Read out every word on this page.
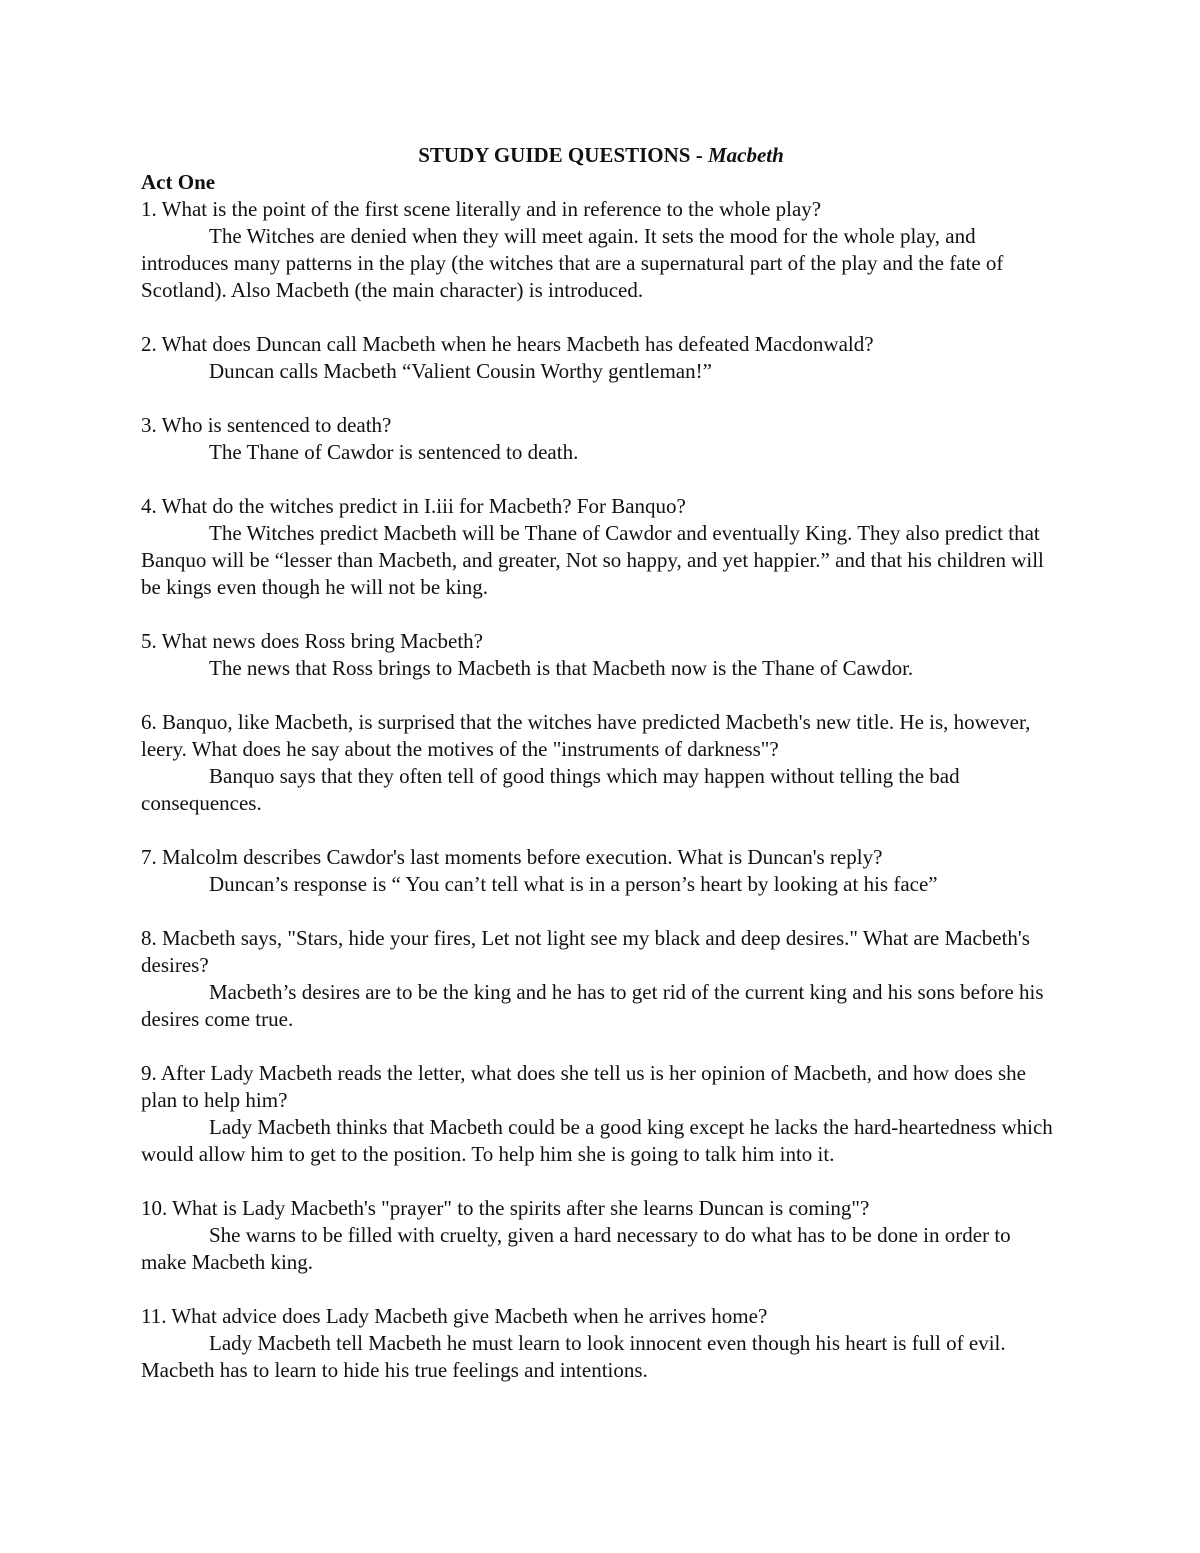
STUDY GUIDE QUESTIONS - Macbeth

Act One

1. What is the point of the first scene literally and in reference to the whole play?

The Witches are denied when they will meet again. It sets the mood for the whole play, and introduces many patterns in the play (the witches that are a supernatural part of the play and the fate of Scotland). Also Macbeth (the main character) is introduced.

2. What does Duncan call Macbeth when he hears Macbeth has defeated Macdonwald?

Duncan calls Macbeth “Valient Cousin Worthy gentleman!”

3. Who is sentenced to death?

The Thane of Cawdor is sentenced to death.

4. What do the witches predict in I.iii for Macbeth? For Banquo?

The Witches predict Macbeth will be Thane of Cawdor and eventually King. They also predict that Banquo will be “lesser than Macbeth, and greater, Not so happy, and yet happier.” and that his children will be kings even though he will not be king.

5. What news does Ross bring Macbeth?

The news that Ross brings to Macbeth is that Macbeth now is the Thane of Cawdor.

6. Banquo, like Macbeth, is surprised that the witches have predicted Macbeth's new title. He is, however, leery. What does he say about the motives of the "instruments of darkness"?

Banquo says that they often tell of good things which may happen without telling the bad consequences.

7. Malcolm describes Cawdor's last moments before execution. What is Duncan's reply?

Duncan’s response is “ You can’t tell what is in a person’s heart by looking at his face”

8. Macbeth says, "Stars, hide your fires, Let not light see my black and deep desires." What are Macbeth's desires?

Macbeth’s desires are to be the king and he has to get rid of the current king and his sons before his desires come true.

9. After Lady Macbeth reads the letter, what does she tell us is her opinion of Macbeth, and how does she plan to help him?

Lady Macbeth thinks that Macbeth could be a good king except he lacks the hard-heartedness which would allow him to get to the position. To help him she is going to talk him into it.

10. What is Lady Macbeth's "prayer" to the spirits after she learns Duncan is coming"?

She warns to be filled with cruelty, given a hard necessary to do what has to be done in order to make Macbeth king.

11. What advice does Lady Macbeth give Macbeth when he arrives home?

Lady Macbeth tell Macbeth he must learn to look innocent even though his heart is full of evil. Macbeth has to learn to hide his true feelings and intentions.
